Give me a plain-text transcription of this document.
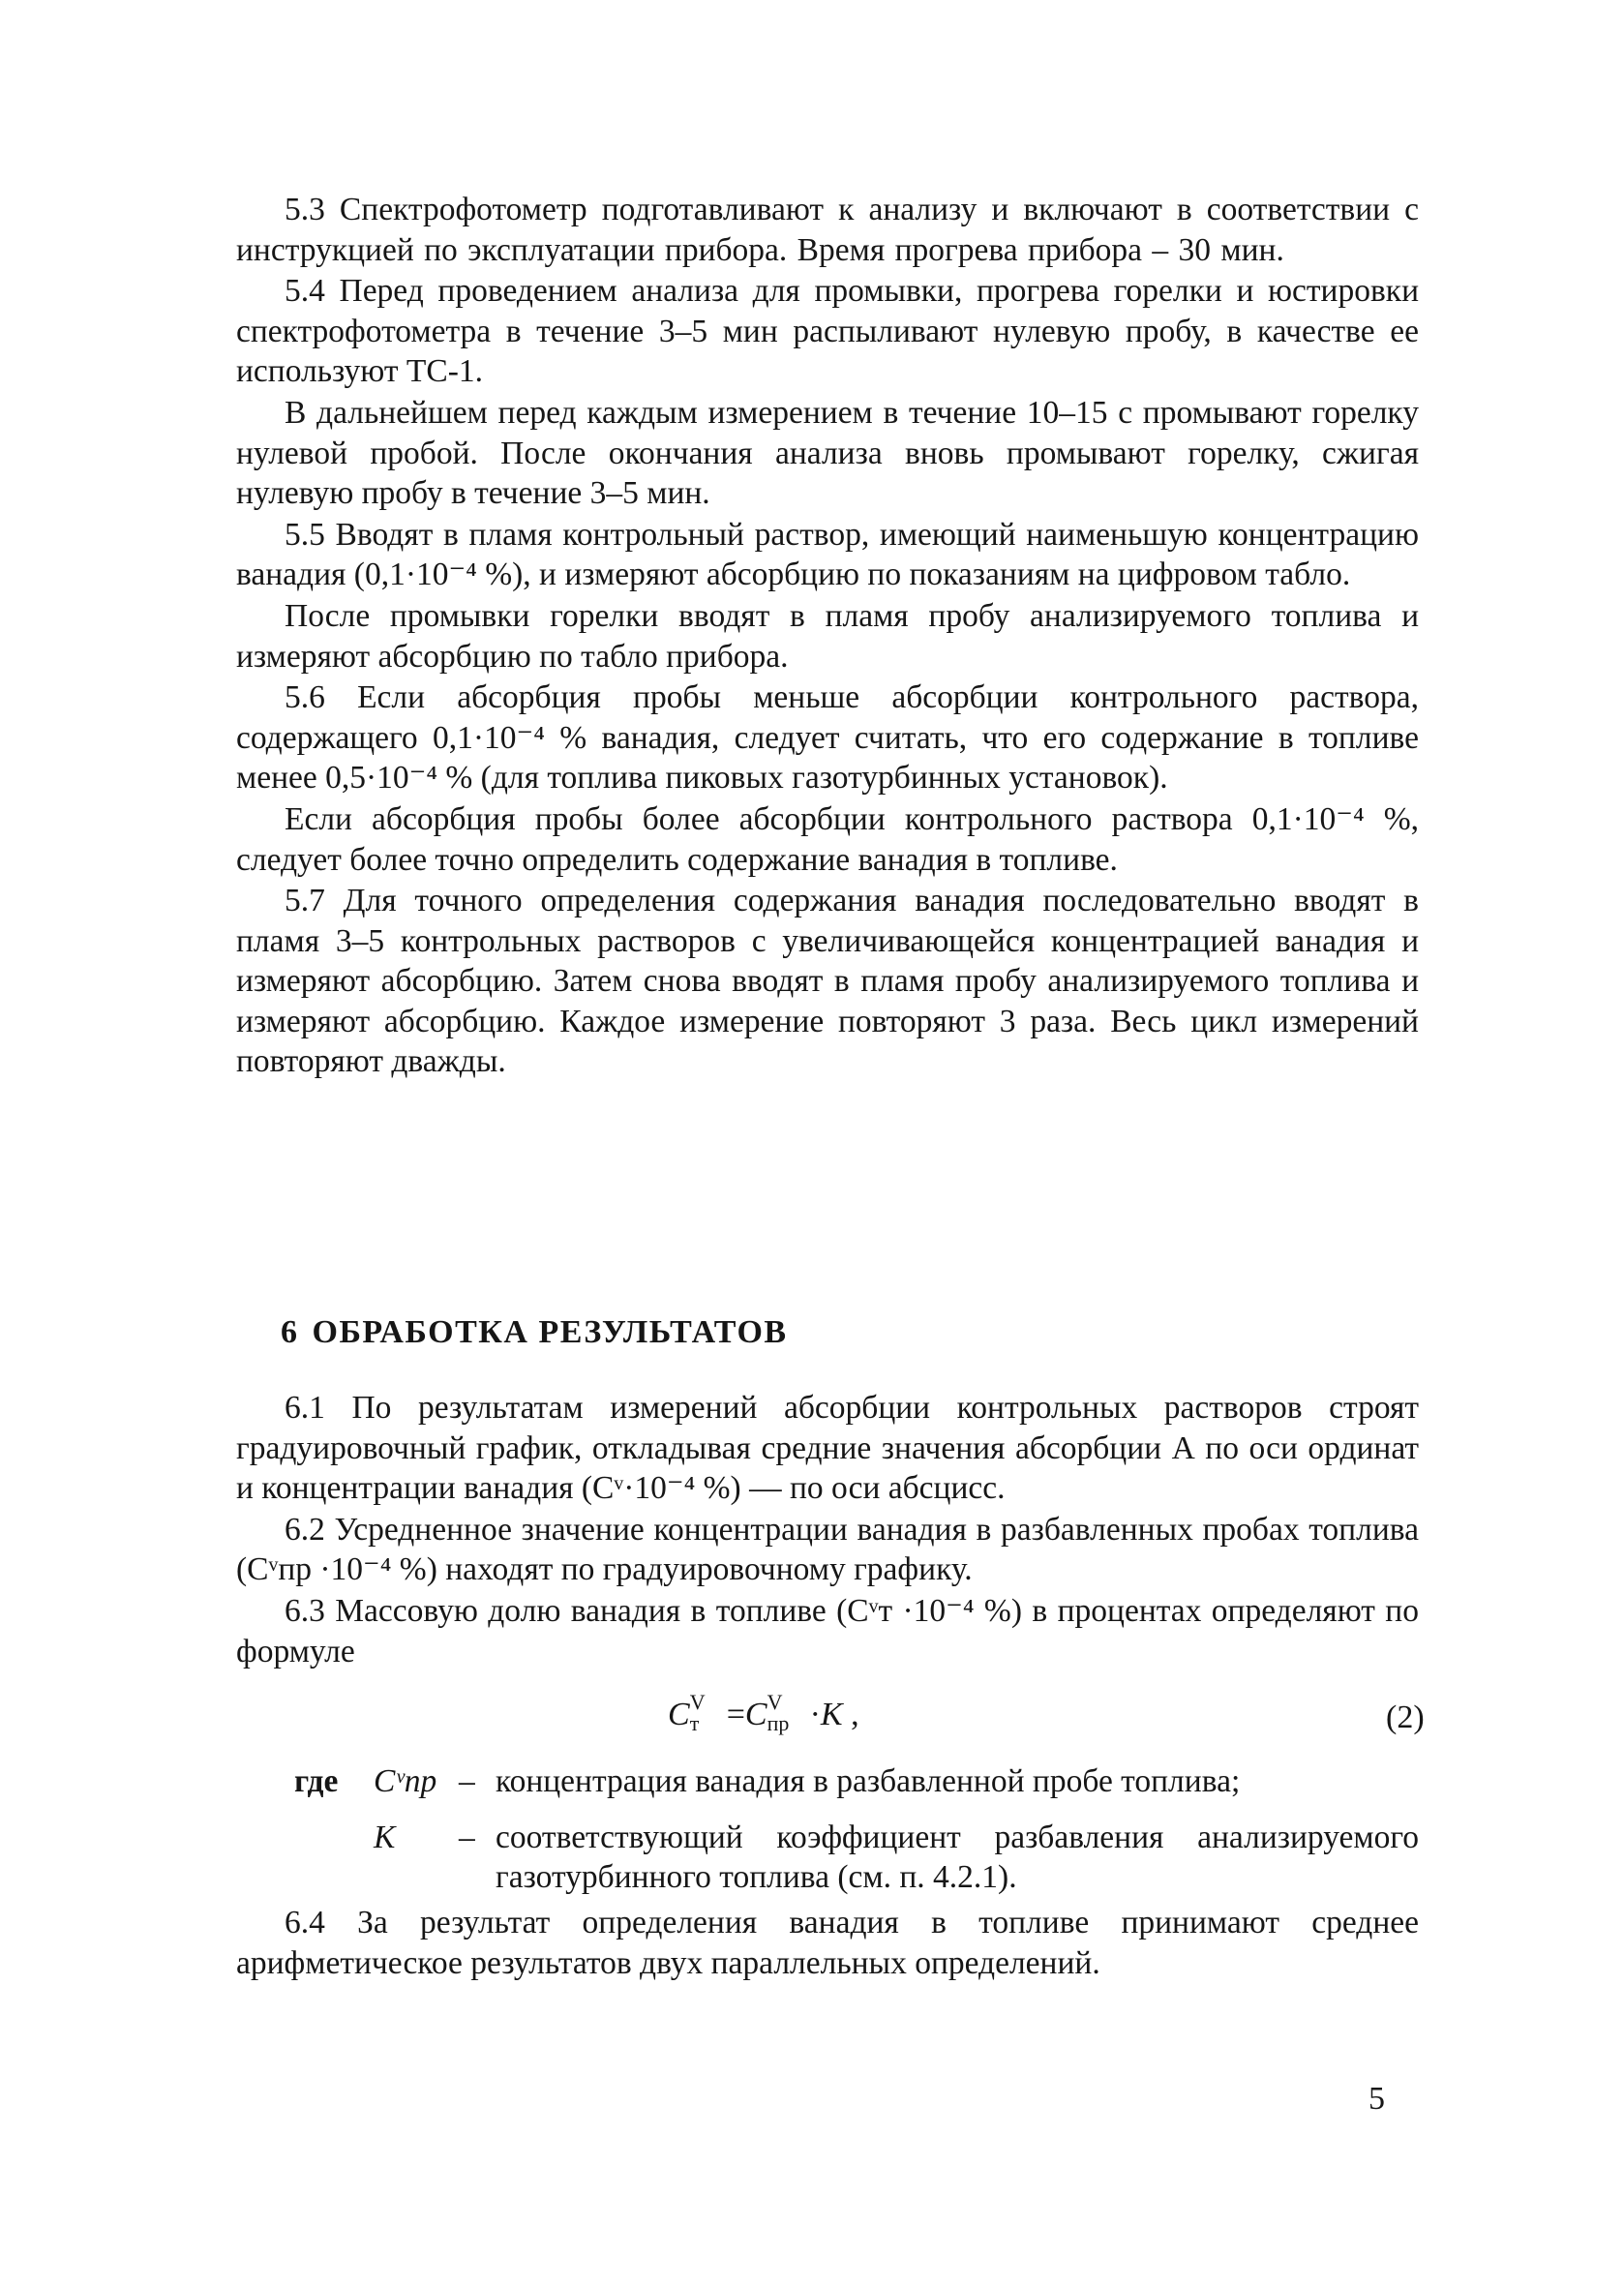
5.3 Спектрофотометр подготавливают к анализу и включают в соответствии с инструкцией по эксплуатации прибора. Время прогрева прибора – 30 мин.

5.4 Перед проведением анализа для промывки, прогрева горелки и юстировки спектрофотометра в течение 3–5 мин распыливают нулевую пробу, в качестве ее используют ТС-1.

В дальнейшем перед каждым измерением в течение 10–15 с промывают горелку нулевой пробой. После окончания анализа вновь промывают горелку, сжигая нулевую пробу в течение 3–5 мин.

5.5 Вводят в пламя контрольный раствор, имеющий наименьшую концентрацию ванадия (0,1·10⁻⁴ %), и измеряют абсорбцию по показаниям на цифровом табло.

После промывки горелки вводят в пламя пробу анализируемого топлива и измеряют абсорбцию по табло прибора.

5.6 Если абсорбция пробы меньше абсорбции контрольного раствора, содержащего 0,1·10⁻⁴ % ванадия, следует считать, что его содержание в топливе менее 0,5·10⁻⁴ % (для топлива пиковых газотурбинных установок).

Если абсорбция пробы более абсорбции контрольного раствора 0,1·10⁻⁴ %, следует более точно определить содержание ванадия в топливе.

5.7 Для точного определения содержания ванадия последовательно вводят в пламя 3–5 контрольных растворов с увеличивающейся концентрацией ванадия и измеряют абсорбцию. Затем снова вводят в пламя пробу анализируемого топлива и измеряют абсорбцию. Каждое измерение повторяют 3 раза. Весь цикл измерений повторяют дважды.

6 ОБРАБОТКА РЕЗУЛЬТАТОВ

6.1 По результатам измерений абсорбции контрольных растворов строят градуировочный график, откладывая средние значения абсорбции А по оси ординат и концентрации ванадия (Cᵛ·10⁻⁴ %) — по оси абсцисс.

6.2 Усредненное значение концентрации ванадия в разбавленных пробах топлива (Cᵛпр ·10⁻⁴ %) находят по градуировочному графику.

6.3 Массовую долю ванадия в топливе (Cᵛт ·10⁻⁴ %) в процентах определяют по формуле

C V
т =C V
пр ·K ,	(2)
где Cᵛпр – концентрация ванадия в разбавленной пробе топлива;
K – соответствующий коэффициент разбавления анализируемого газотурбинного топлива (см. п. 4.2.1).

6.4 За результат определения ванадия в топливе принимают среднее арифметическое результатов двух параллельных определений.

5
